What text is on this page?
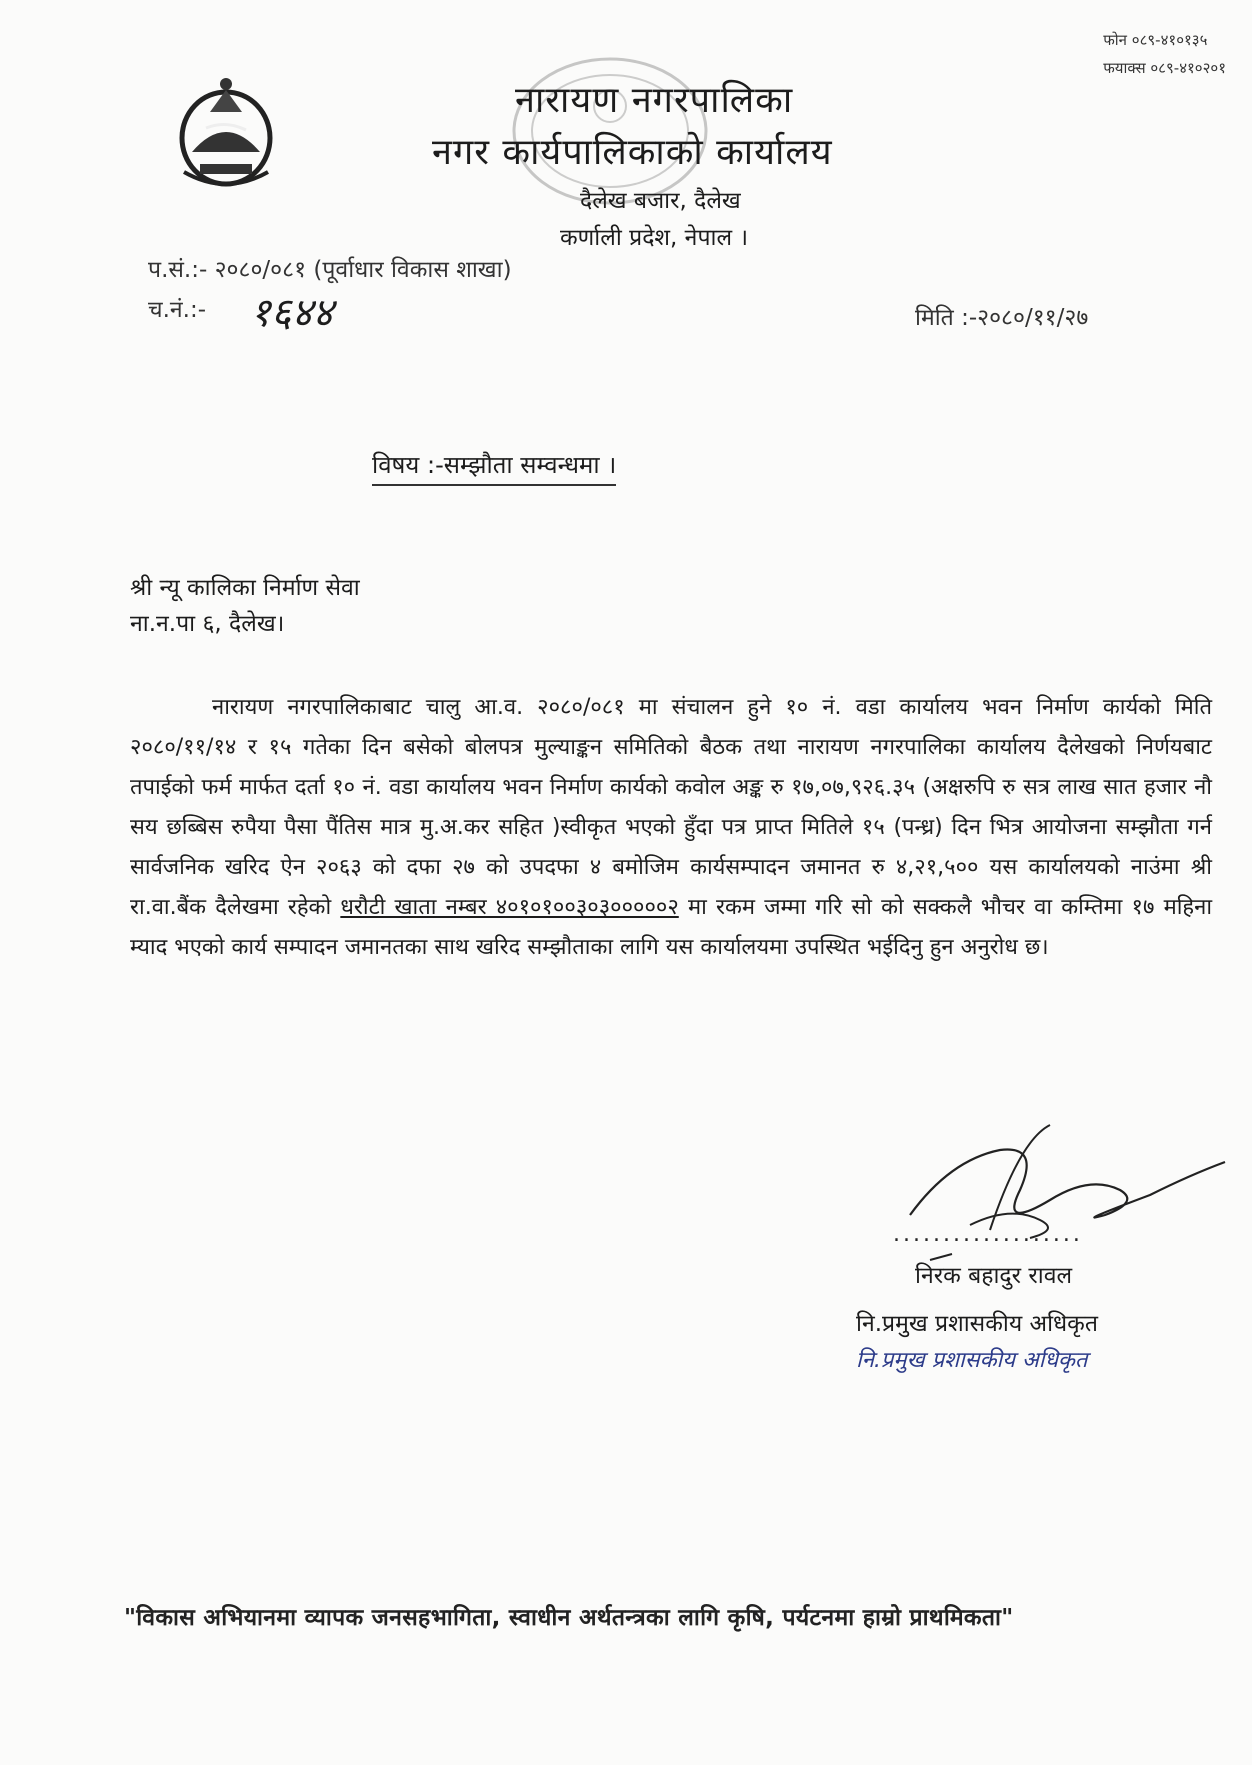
फोन ०८९-४१०१३५
फयाक्स ०८९-४१०२०१
नारायण नगरपालिका
नगर कार्यपालिकाको कार्यालय
दैलेख बजार, दैलेख
कर्णाली प्रदेश, नेपाल ।
प.सं.:- २०८०/०८१ (पूर्वाधार विकास शाखा)
च.नं.:- १६४४	मिति :-२०८०/११/२७
विषय :-सम्झौता सम्वन्धमा ।
श्री न्यू कालिका निर्माण सेवा
ना.न.पा ६, दैलेख।
नारायण नगरपालिकाबाट चालु आ.व. २०८०/०८१ मा संचालन हुने १० नं. वडा कार्यालय भवन निर्माण कार्यको मिति २०८०/११/१४ र १५ गतेका दिन बसेको बोलपत्र मुल्याङ्कन समितिको बैठक तथा नारायण नगरपालिका कार्यालय दैलेखको निर्णयबाट तपाईको फर्म मार्फत दर्ता १० नं. वडा कार्यालय भवन निर्माण कार्यको कवोल अङ्क रु १७,०७,९२६.३५ (अक्षरुपि रु सत्र लाख सात हजार नौ सय छब्बिस रुपैया पैसा पैंतिस मात्र मु.अ.कर सहित )स्वीकृत भएको हुँदा पत्र प्राप्त मितिले १५ (पन्ध्र) दिन भित्र आयोजना सम्झौता गर्न सार्वजनिक खरिद ऐन २०६३ को दफा २७ को उपदफा ४ बमोजिम कार्यसम्पादन जमानत रु ४,२१,५०० यस कार्यालयको नाउंमा श्री रा.वा.बैंक दैलेखमा रहेको धरौटी खाता नम्बर ४०१०१००३०३०००००२ मा रकम जम्मा गरि सो को सक्कलै भौचर वा कम्तिमा १७ महिना म्याद भएको कार्य सम्पादन जमानतका साथ खरिद सम्झौताका लागि यस कार्यालयमा उपस्थित भईदिनु हुन अनुरोध छ।
...................
निरक बहादुर रावल
नि.प्रमुख प्रशासकीय अधिकृत
नि.प्रमुख प्रशासकीय अधिकृत
"विकास अभियानमा व्यापक जनसहभागिता, स्वाधीन अर्थतन्त्रका लागि कृषि, पर्यटनमा हाम्रो प्राथमिकता"
